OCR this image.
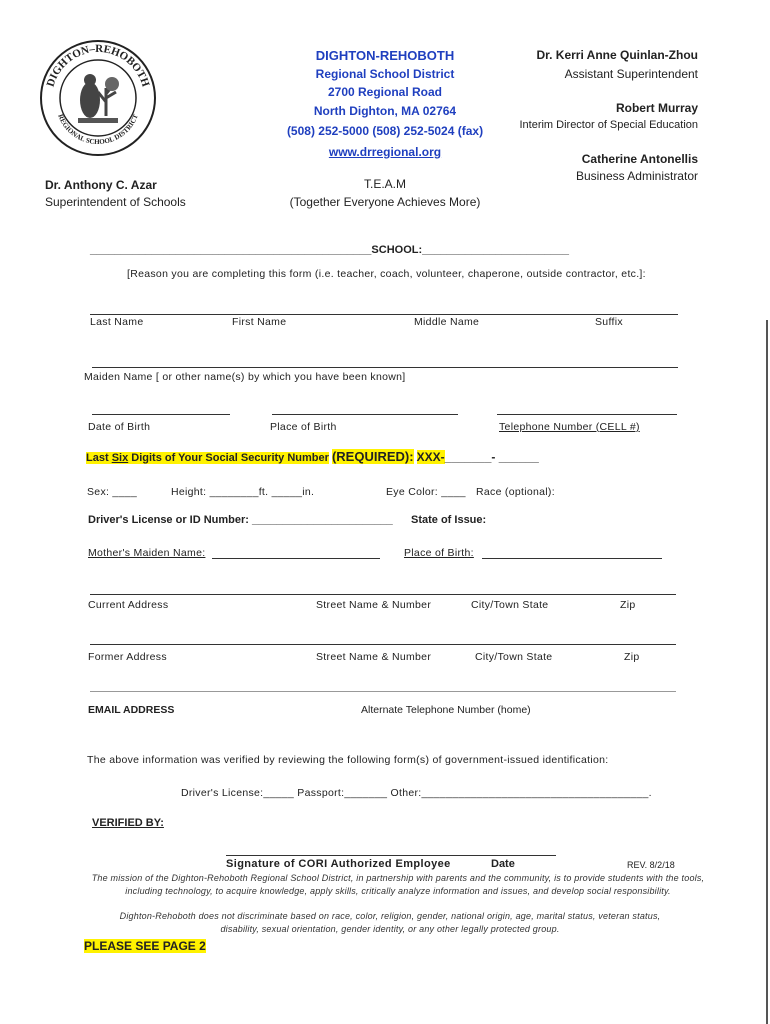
DIGHTON–REHOBOTH
REGIONAL SCHOOL DISTRICT
DIGHTON-REHOBOTH
Regional School District
2700 Regional Road
North Dighton, MA 02764
(508) 252-5000 (508) 252-5024 (fax)
www.drregional.org
T.E.A.M
(Together Everyone Achieves More)
Dr. Anthony C. Azar
Superintendent of Schools
Dr. Kerri Anne Quinlan-Zhou
Assistant Superintendent
Robert Murray
Interim Director of Special Education
Catherine Antonellis
Business Administrator
______________________________________________SCHOOL:________________________
[Reason you are completing this form (i.e. teacher, coach, volunteer, chaperone, outside contractor, etc.]:
Last Name	First Name	Middle Name	Suffix
Maiden Name [ or other name(s) by which you have been known]
Date of Birth	Place of Birth	Telephone Number (CELL #)
Last Six Digits of Your Social Security Number (REQUIRED): XXX-_______- ______
Sex: ____	Height: ________ft. _____in.	Eye Color: ____ Race (optional):
Driver's License or ID Number: _______________________ State of Issue:
Mother's Maiden Name:	Place of Birth:
Current Address	Street Name & Number	City/Town State	Zip
Former Address	Street Name & Number	City/Town State	Zip
EMAIL ADDRESS	Alternate Telephone Number (home)
The above information was verified by reviewing the following form(s) of government-issued identification:
Driver's License:_____ Passport:_______ Other:_____________________________________.
VERIFIED BY:
Signature of CORI Authorized Employee	Date	REV. 8/2/18
The mission of the Dighton-Rehoboth Regional School District, in partnership with parents and the community, is to provide students with the tools, including technology, to acquire knowledge, apply skills, critically analyze information and issues, and develop social responsibility.
Dighton-Rehoboth does not discriminate based on race, color, religion, gender, national origin, age, marital status, veteran status, disability, sexual orientation, gender identity, or any other legally protected group.
PLEASE SEE PAGE 2
